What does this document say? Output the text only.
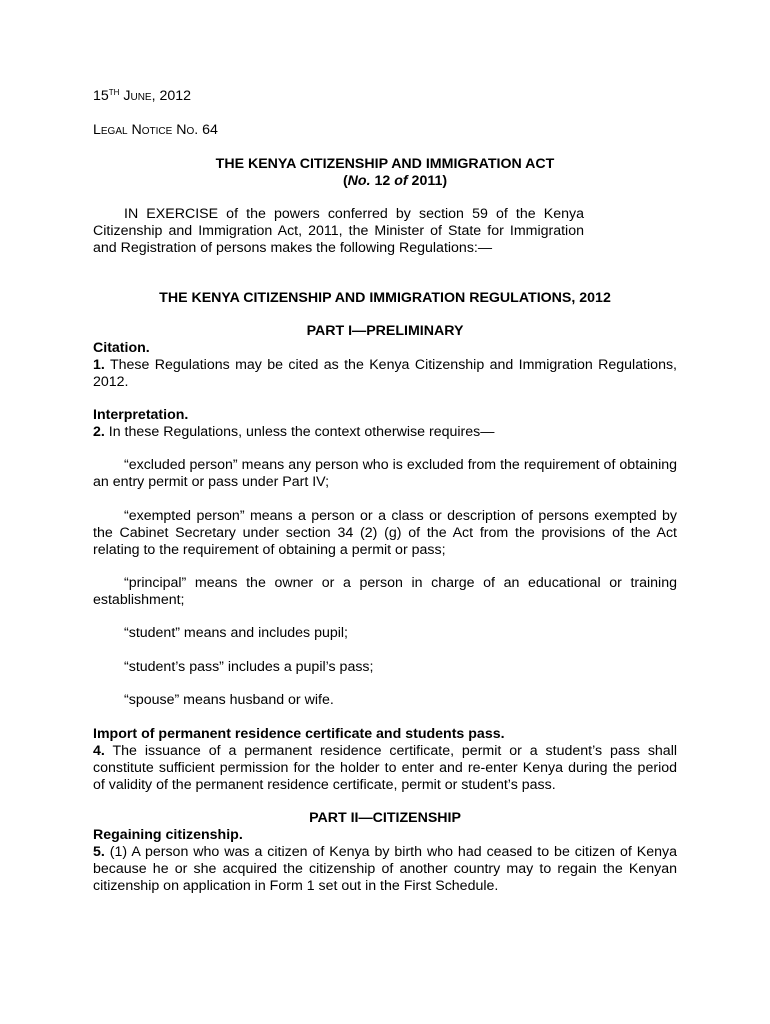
15TH June, 2012

Legal Notice No. 64

THE KENYA CITIZENSHIP AND IMMIGRATION ACT

(No. 12 of 2011)

IN EXERCISE of the powers conferred by section 59 of the Kenya Citizenship and Immigration Act, 2011, the Minister of State for Immigration and Registration of persons makes the following Regulations:—

THE KENYA CITIZENSHIP AND IMMIGRATION REGULATIONS, 2012

PART I—PRELIMINARY

Citation.

1. These Regulations may be cited as the Kenya Citizenship and Immigration Regulations, 2012.

Interpretation.

2. In these Regulations, unless the context otherwise requires—

“excluded person” means any person who is excluded from the requirement of obtaining an entry permit or pass under Part IV;

“exempted person” means a person or a class or description of persons exempted by the Cabinet Secretary under section 34 (2) (g) of the Act from the provisions of the Act relating to the requirement of obtaining a permit or pass;

“principal” means the owner or a person in charge of an educational or training establishment;

“student” means and includes pupil;

“student’s pass” includes a pupil’s pass;

“spouse” means husband or wife.

Import of permanent residence certificate and students pass.

4. The issuance of a permanent residence certificate, permit or a student’s pass shall constitute sufficient permission for the holder to enter and re-enter Kenya during the period of validity of the permanent residence certificate, permit or student’s pass.

PART II—CITIZENSHIP

Regaining citizenship.

5. (1) A person who was a citizen of Kenya by birth who had ceased to be citizen of Kenya because he or she acquired the citizenship of another country may to regain the Kenyan citizenship on application in Form 1 set out in the First Schedule.
